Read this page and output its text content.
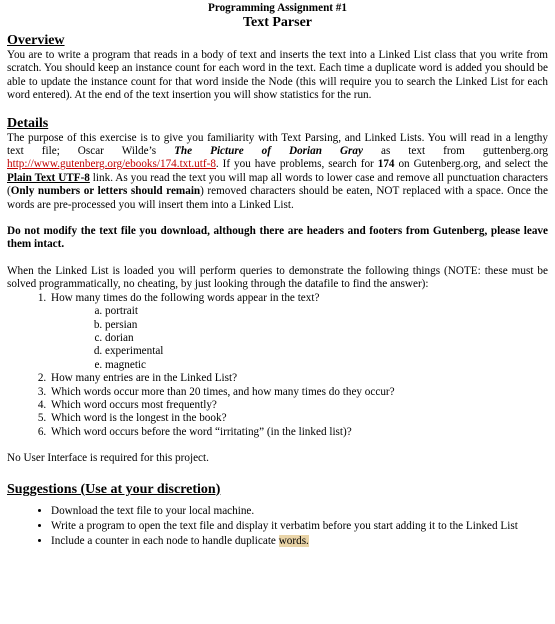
Programming Assignment #1
Text Parser
Overview

You are to write a program that reads in a body of text and inserts the text into a Linked List class that you write from scratch. You should keep an instance count for each word in the text. Each time a duplicate word is added you should be able to update the instance count for that word inside the Node (this will require you to search the Linked List for each word entered). At the end of the text insertion you will show statistics for the run.

Details

The purpose of this exercise is to give you familiarity with Text Parsing, and Linked Lists. You will read in a lengthy text file; Oscar Wilde’s The Picture of Dorian Gray as text from guttenberg.org http://www.gutenberg.org/ebooks/174.txt.utf-8. If you have problems, search for 174 on Gutenberg.org, and select the Plain Text UTF-8 link. As you read the text you will map all words to lower case and remove all punctuation characters (Only numbers or letters should remain) removed characters should be eaten, NOT replaced with a space. Once the words are pre-processed you will insert them into a Linked List.

Do not modify the text file you download, although there are headers and footers from Gutenberg, please leave them intact.

When the Linked List is loaded you will perform queries to demonstrate the following things (NOTE: these must be solved programmatically, no cheating, by just looking through the datafile to find the answer):

1. How many times do the following words appear in the text?
a. portrait
b. persian
c. dorian
d. experimental
e. magnetic
2. How many entries are in the Linked List?
3. Which words occur more than 20 times, and how many times do they occur?
4. Which word occurs most frequently?
5. Which word is the longest in the book?
6. Which word occurs before the word “irritating” (in the linked list)?

No User Interface is required for this project.

Suggestions (Use at your discretion)
• Download the text file to your local machine.
• Write a program to open the text file and display it verbatim before you start adding it to the Linked List
• Include a counter in each node to handle duplicate words.
